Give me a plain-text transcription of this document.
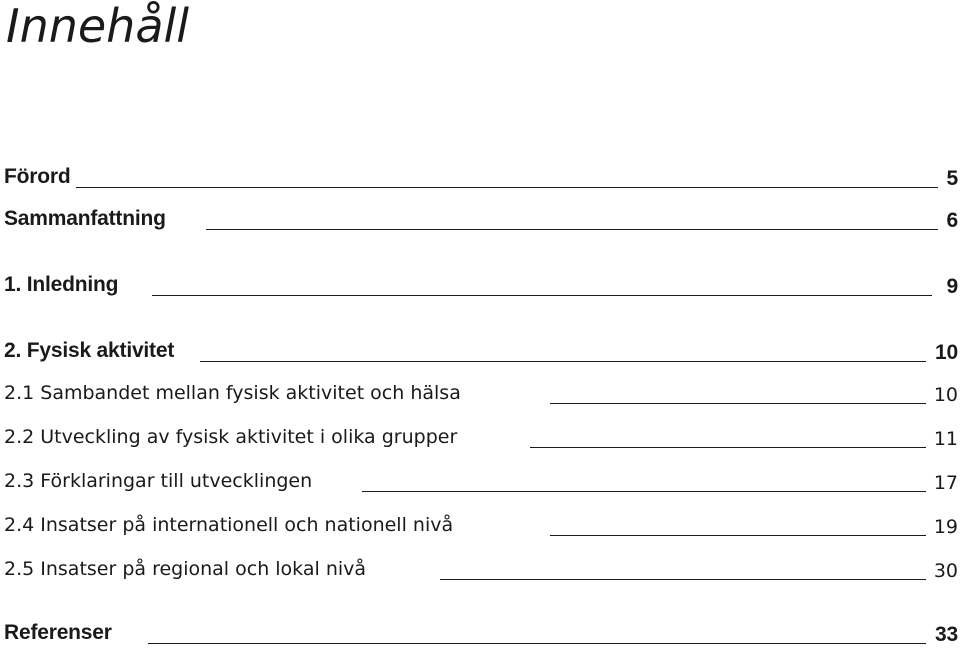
Innehåll
Förord	5
Sammanfattning	6
1. Inledning	9
2. Fysisk aktivitet	10
2.1 Sambandet mellan fysisk aktivitet och hälsa	10
2.2 Utveckling av fysisk aktivitet i olika grupper	11
2.3 Förklaringar till utvecklingen	17
2.4 Insatser på internationell och nationell nivå	19
2.5 Insatser på regional och lokal nivå	30
Referenser	33
